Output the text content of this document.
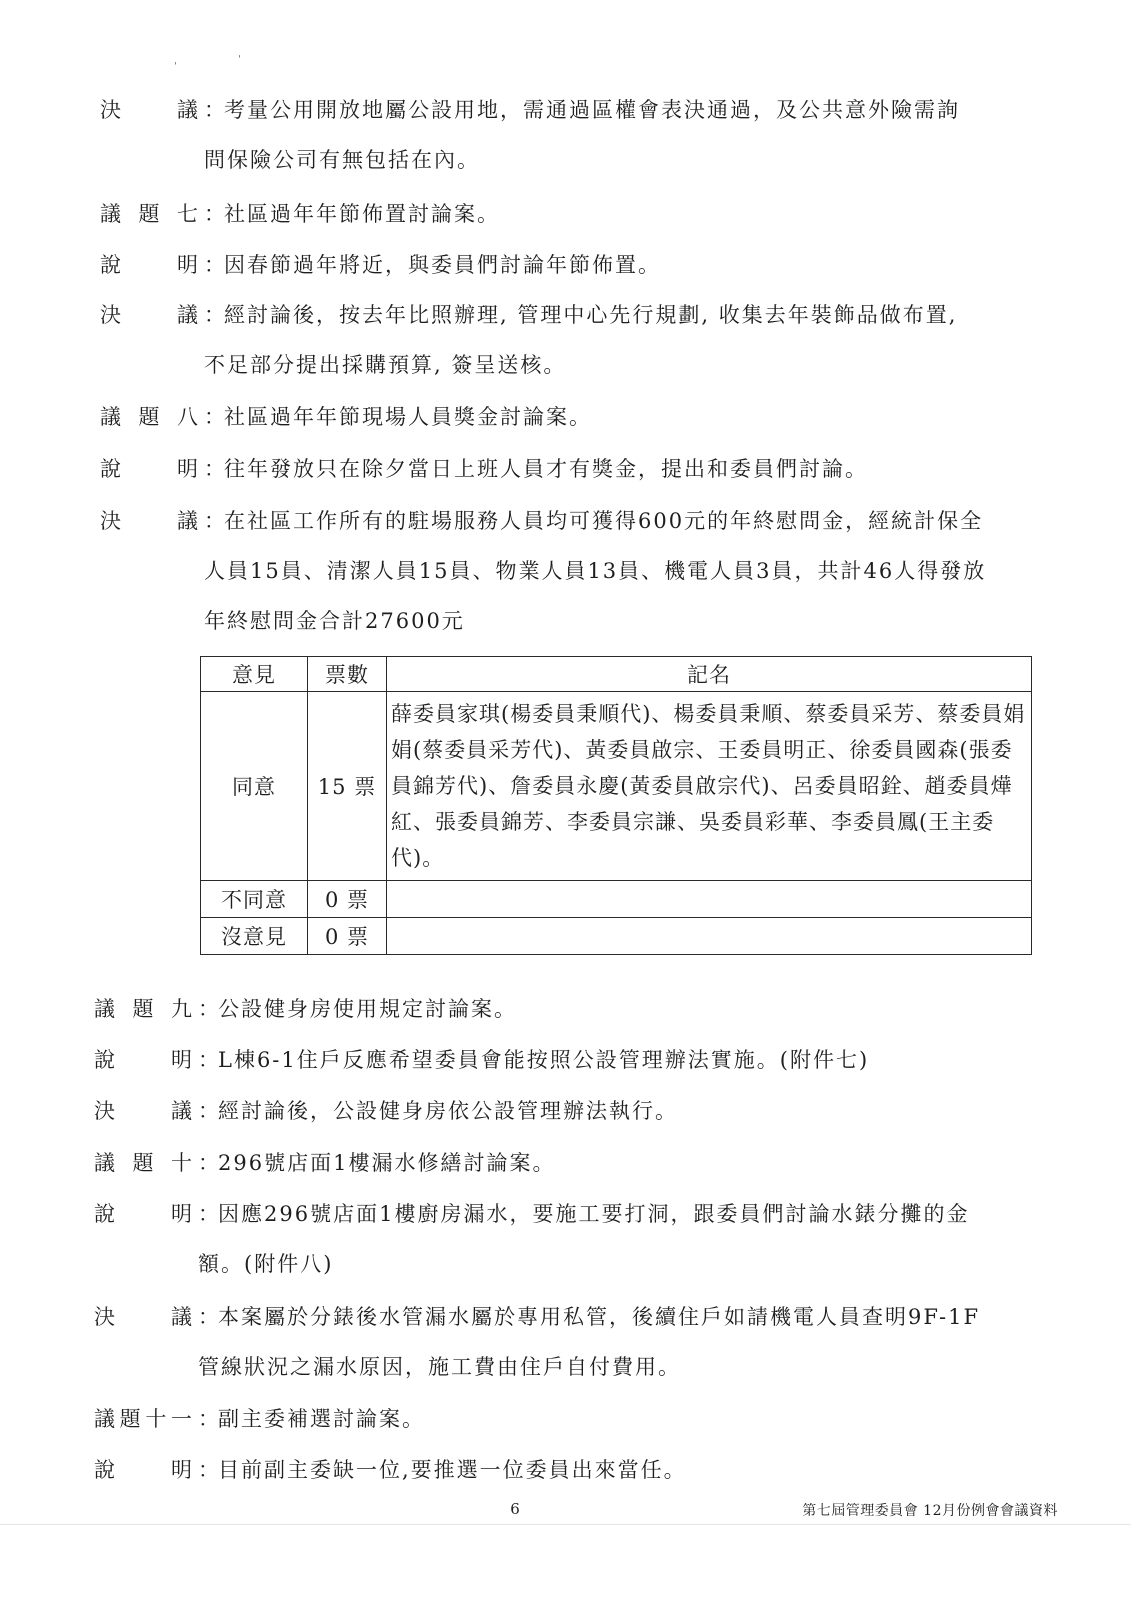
ˌ	ˈ
決　議 ：考量公用開放地屬公設用地，需通過區權會表決通過，及公共意外險需詢
問保險公司有無包括在內。
議題七 ：社區過年年節佈置討論案。
說　明 ：因春節過年將近，與委員們討論年節佈置。
決　議 ：經討論後，按去年比照辦理, 管理中心先行規劃, 收集去年裝飾品做布置,
不足部分提出採購預算, 簽呈送核。
議題八 ：社區過年年節現場人員獎金討論案。
說　明 ：往年發放只在除夕當日上班人員才有獎金，提出和委員們討論。
決　議 ：在社區工作所有的駐場服務人員均可獲得600元的年終慰問金，經統計保全
人員15員、清潔人員15員、物業人員13員、機電人員3員，共計46人得發放
年終慰問金合計27600元
意見	票數	記名
同意	15 票	薛委員家琪(楊委員秉順代)、楊委員秉順、蔡委員采芳、蔡委員娟娟(蔡委員采芳代)、黃委員啟宗、王委員明正、徐委員國森(張委員錦芳代)、詹委員永慶(黃委員啟宗代)、呂委員昭銓、趙委員燁紅、張委員錦芳、李委員宗謙、吳委員彩華、李委員鳳(王主委代)。
不同意	0 票	
沒意見	0 票	
議題九 ：公設健身房使用規定討論案。
說　明 ：L棟6-1住戶反應希望委員會能按照公設管理辦法實施。(附件七)
決　議 ：經討論後，公設健身房依公設管理辦法執行。
議題十 ：296號店面1樓漏水修繕討論案。
說　明 ：因應296號店面1樓廚房漏水，要施工要打洞，跟委員們討論水錶分攤的金
額。(附件八)
決　議 ：本案屬於分錶後水管漏水屬於專用私管，後續住戶如請機電人員查明9F-1F
管線狀況之漏水原因，施工費由住戶自付費用。
議題十一 ：副主委補選討論案。
說　明 ：目前副主委缺一位,要推選一位委員出來當任。
6	第七屆管理委員會 12月份例會會議資料
